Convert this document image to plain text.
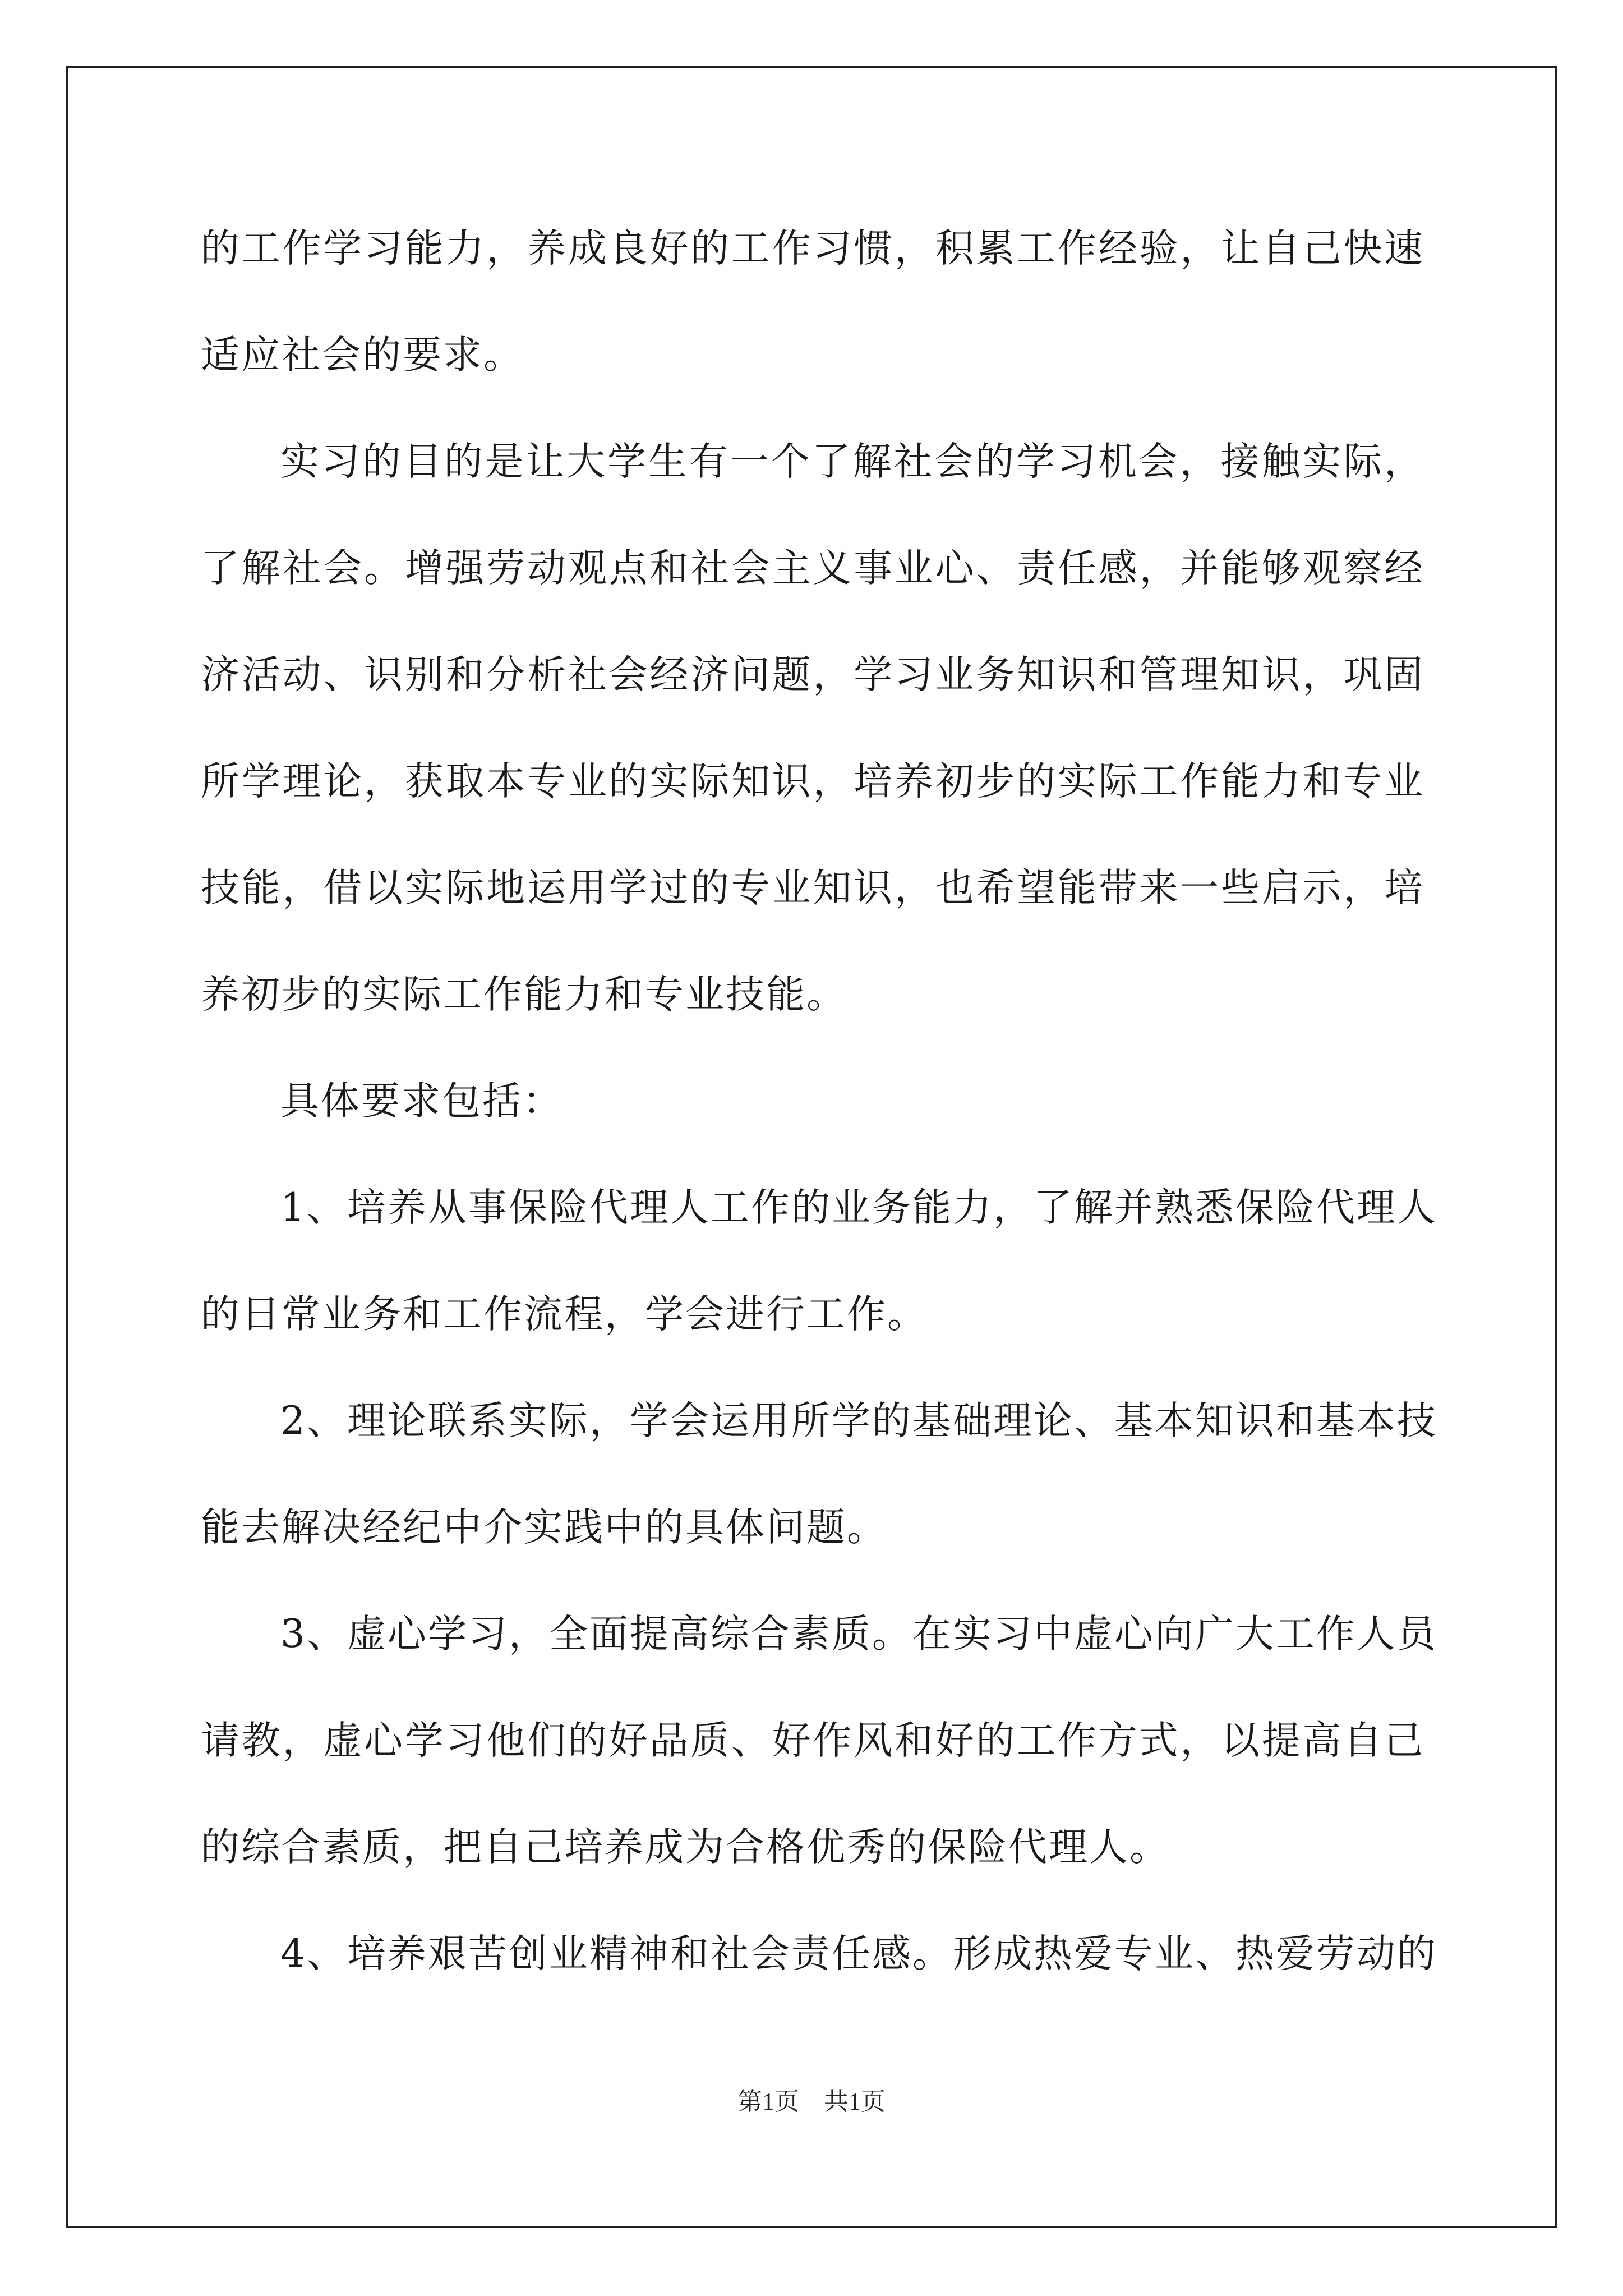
的工作学习能力，养成良好的工作习惯，积累工作经验，让自己快速
适应社会的要求。
实习的目的是让大学生有一个了解社会的学习机会，接触实际，
了解社会。增强劳动观点和社会主义事业心、责任感，并能够观察经
济活动、识别和分析社会经济问题，学习业务知识和管理知识，巩固
所学理论，获取本专业的实际知识，培养初步的实际工作能力和专业
技能，借以实际地运用学过的专业知识，也希望能带来一些启示，培
养初步的实际工作能力和专业技能。
具体要求包括：
1、培养从事保险代理人工作的业务能力，了解并熟悉保险代理人
的日常业务和工作流程，学会进行工作。
2、理论联系实际，学会运用所学的基础理论、基本知识和基本技
能去解决经纪中介实践中的具体问题。
3、虚心学习，全面提高综合素质。在实习中虚心向广大工作人员
请教，虚心学习他们的好品质、好作风和好的工作方式，以提高自己
的综合素质，把自己培养成为合格优秀的保险代理人。
4、培养艰苦创业精神和社会责任感。形成热爱专业、热爱劳动的
第1页　共1页
